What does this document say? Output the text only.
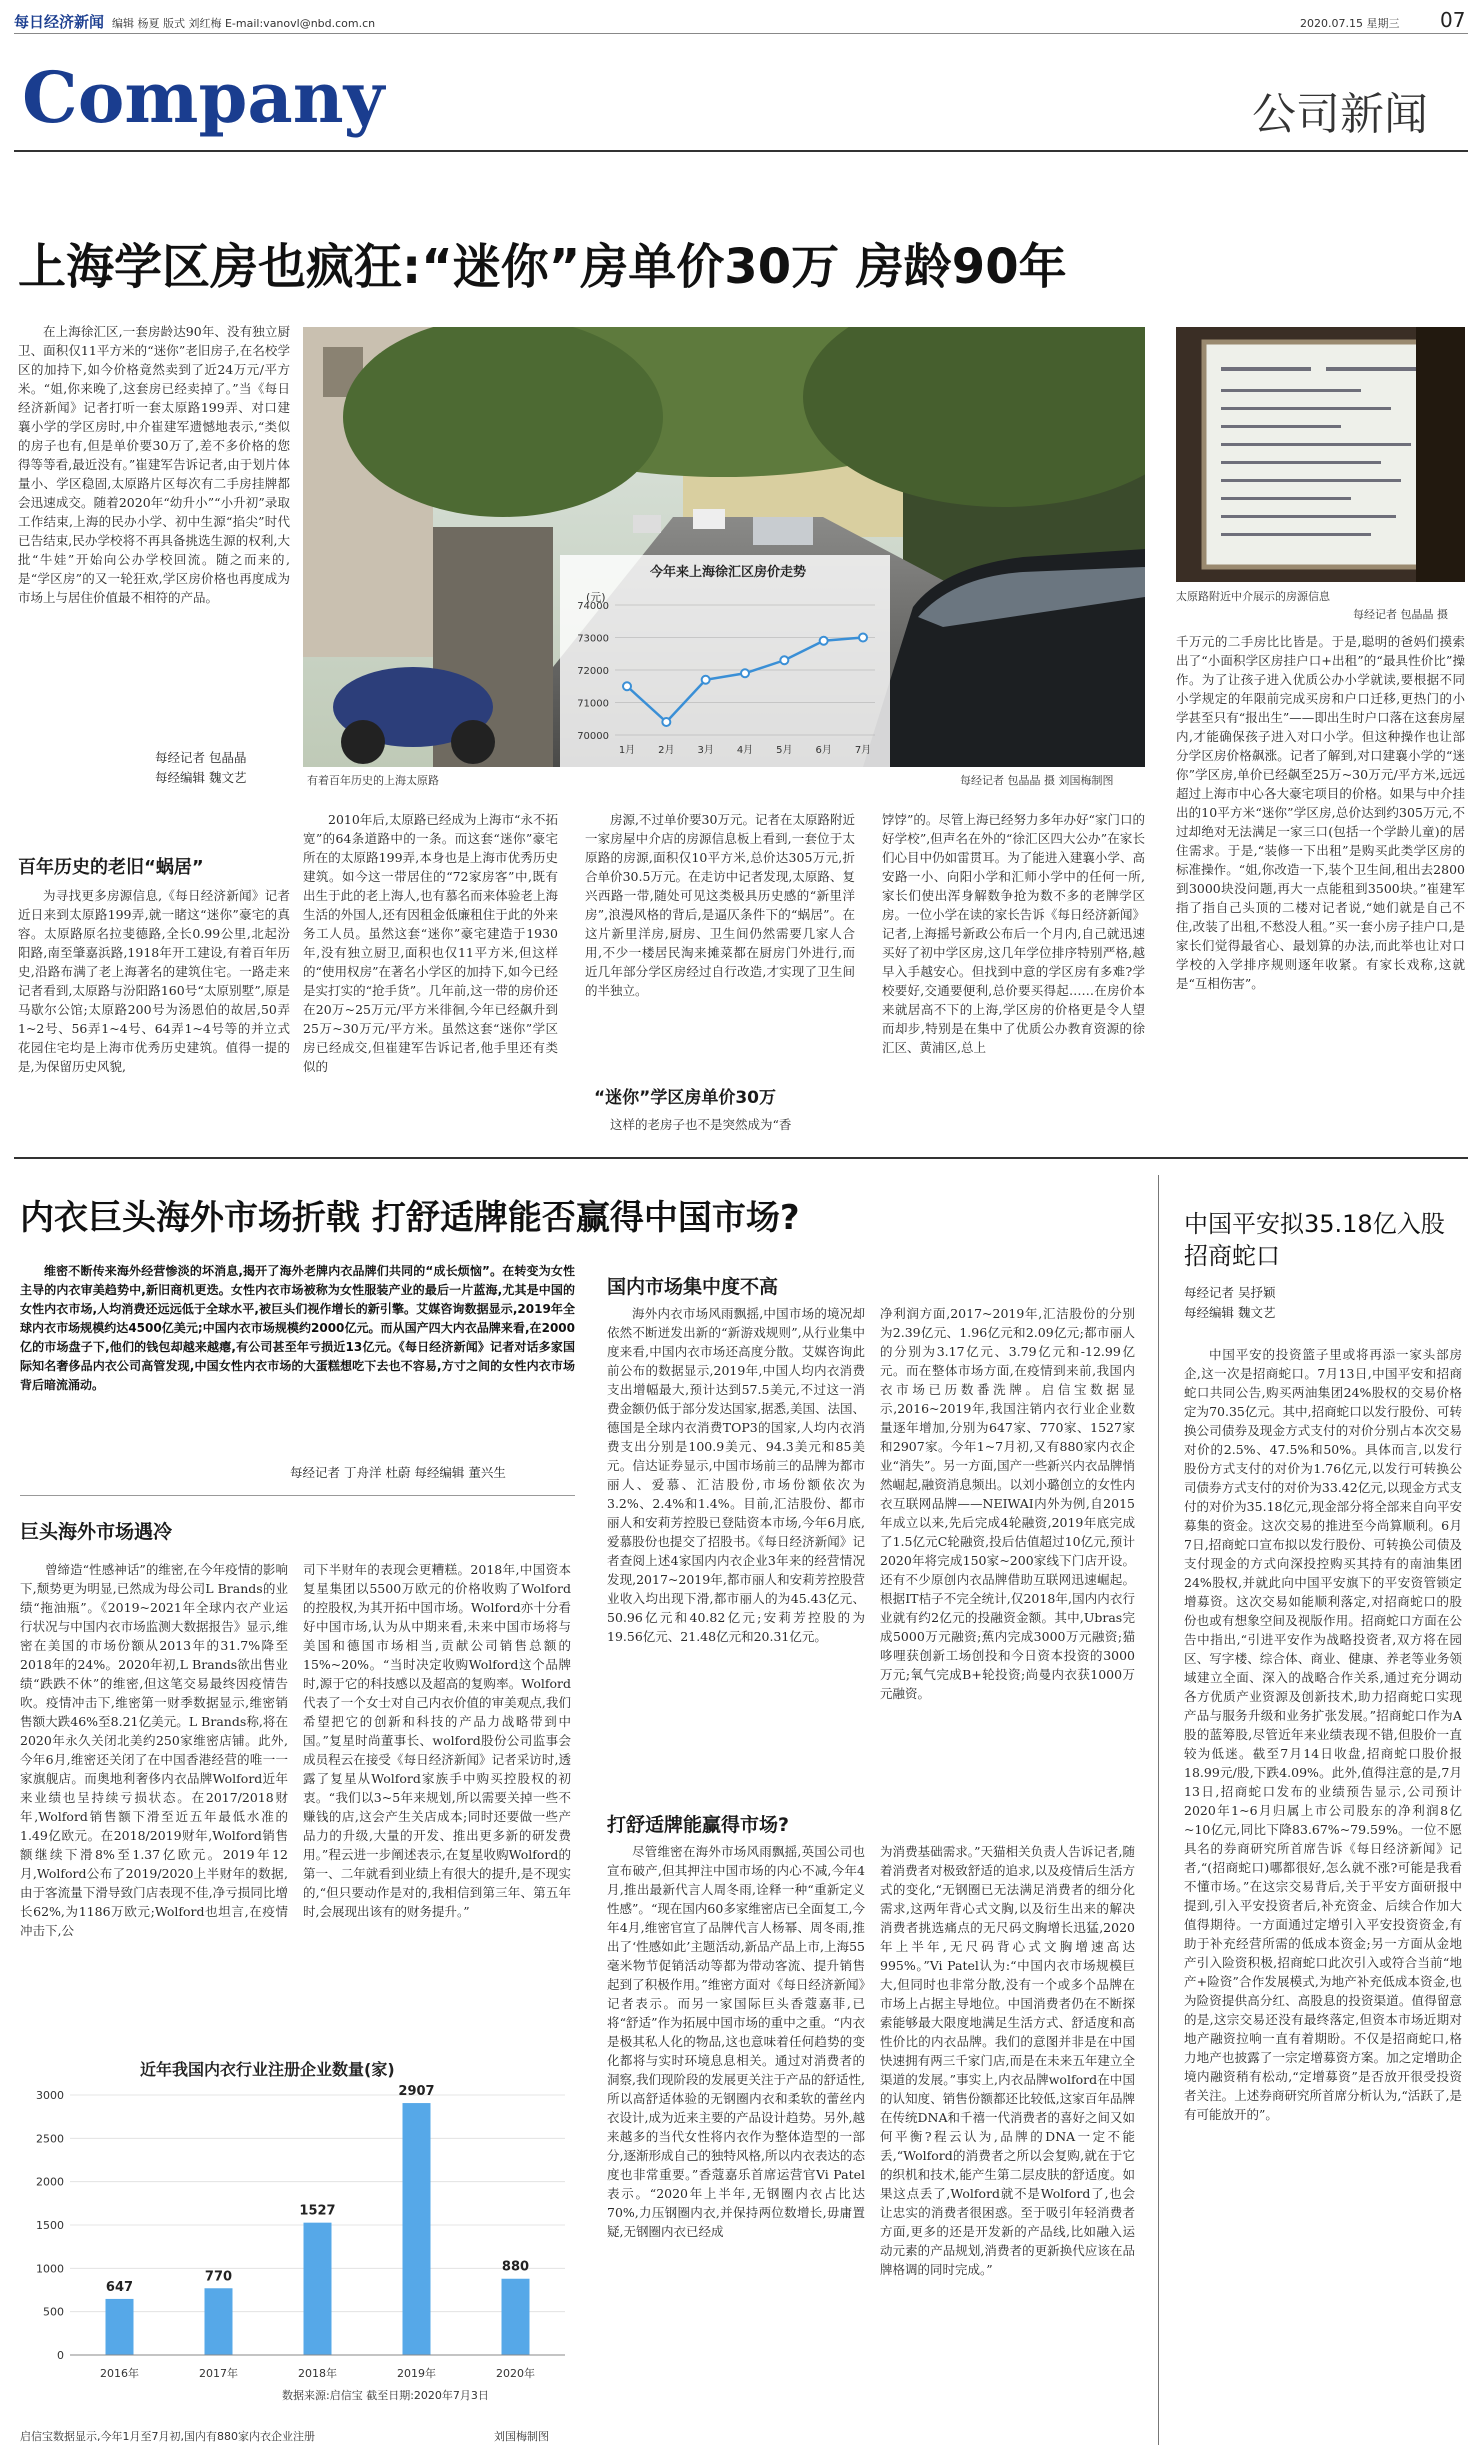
每日经济新闻 编辑 杨夏 版式 刘红梅 E-mail:vanovl@nbd.com.cn	2020.07.15 星期三 07
Company	公司新闻
上海学区房也疯狂:“迷你”房单价30万 房龄90年

在上海徐汇区,一套房龄达90年、没有独立厨卫、面积仅11平方米的“迷你”老旧房子,在名校学区的加持下,如今价格竟然卖到了近24万元/平方米。“姐,你来晚了,这套房已经卖掉了。”当《每日经济新闻》记者打听一套太原路199弄、对口建襄小学的学区房时,中介崔建军遗憾地表示,“类似的房子也有,但是单价要30万了,差不多价格的您得等等看,最近没有。”崔建军告诉记者,由于划片体量小、学区稳固,太原路片区每次有二手房挂牌都会迅速成交。随着2020年“幼升小”“小升初”录取工作结束,上海的民办小学、初中生源“掐尖”时代已告结束,民办学校将不再具备挑选生源的权利,大批“牛娃”开始向公办学校回流。随之而来的,是“学区房”的又一轮狂欢,学区房价格也再度成为市场上与居住价值最不相符的产品。

每经记者 包晶晶
每经编辑 魏文艺	有着百年历史的上海太原路	每经记者 包晶晶 摄 刘国梅制图
今年来上海徐汇区房价走势
(元)
74000
73000
72000
71000
70000
1月 2月 3月 4月 5月 6月 7月
太原路附近中介展示的房源信息
每经记者 包晶晶 摄
百年历史的老旧“蜗居”

为寻找更多房源信息,《每日经济新闻》记者近日来到太原路199弄,就一睹这“迷你”豪宅的真容。太原路原名拉斐德路,全长0.99公里,北起汾阳路,南至肇嘉浜路,1918年开工建设,有着百年历史,沿路布满了老上海著名的建筑住宅。一路走来记者看到,太原路与汾阳路160号“太原别墅”,原是马歇尔公馆;太原路200号为汤恩伯的故居,50弄1~2号、56弄1~4号、64弄1~4号等的并立式花园住宅均是上海市优秀历史建筑。值得一提的是,为保留历史风貌,

2010年后,太原路已经成为上海市“永不拓宽”的64条道路中的一条。而这套“迷你”豪宅所在的太原路199弄,本身也是上海市优秀历史建筑。如今这一带居住的“72家房客”中,既有出生于此的老上海人,也有慕名而来体验老上海生活的外国人,还有因租金低廉租住于此的外来务工人员。虽然这套“迷你”豪宅建造于1930年,没有独立厨卫,面积也仅11平方米,但这样的“使用权房”在著名小学区的加持下,如今已经是实打实的“抢手货”。几年前,这一带的房价还在20万~25万元/平方米徘徊,今年已经飙升到25万~30万元/平方米。虽然这套“迷你”学区房已经成交,但崔建军告诉记者,他手里还有类似的

房源,不过单价要30万元。记者在太原路附近一家房屋中介店的房源信息板上看到,一套位于太原路的房源,面积仅10平方米,总价达305万元,折合单价30.5万元。在走访中记者发现,太原路、复兴西路一带,随处可见这类极具历史感的“新里洋房”,浪漫风格的背后,是逼仄条件下的“蜗居”。在这片新里洋房,厨房、卫生间仍然需要几家人合用,不少一楼居民淘来摊菜都在厨房门外进行,而近几年部分学区房经过自行改造,才实现了卫生间的半独立。

“迷你”学区房单价30万

这样的老房子也不是突然成为“香

饽饽”的。尽管上海已经努力多年办好“家门口的好学校”,但声名在外的“徐汇区四大公办”在家长们心目中仍如雷贯耳。为了能进入建襄小学、高安路一小、向阳小学和汇师小学中的任何一所,家长们使出浑身解数争抢为数不多的老牌学区房。一位小学在读的家长告诉《每日经济新闻》记者,上海摇号新政公布后一个月内,自己就迅速买好了初中学区房,这几年学位排序特别严格,越早入手越安心。但找到中意的学区房有多难?学校要好,交通要便利,总价要买得起……在房价本来就居高不下的上海,学区房的价格更是令人望而却步,特别是在集中了优质公办教育资源的徐汇区、黄浦区,总上

千万元的二手房比比皆是。于是,聪明的爸妈们摸索出了“小面积学区房挂户口+出租”的“最具性价比”操作。为了让孩子进入优质公办小学就读,要根据不同小学规定的年限前完成买房和户口迁移,更热门的小学甚至只有“报出生”——即出生时户口落在这套房屋内,才能确保孩子进入对口小学。但这种操作也让部分学区房价格飙涨。记者了解到,对口建襄小学的“迷你”学区房,单价已经飙至25万~30万元/平方米,远远超过上海市中心各大豪宅项目的价格。如果与中介挂出的10平方米“迷你”学区房,总价达到约305万元,不过却绝对无法满足一家三口(包括一个学龄儿童)的居住需求。于是,“装修一下出租”是购买此类学区房的标准操作。“姐,你改造一下,装个卫生间,租出去2800到3000块没问题,再大一点能租到3500块。”崔建军指了指自己头顶的二楼对记者说,“她们就是自己不住,改装了出租,不愁没人租。”买一套小房子挂户口,是家长们觉得最省心、最划算的办法,而此举也让对口学校的入学排序规则逐年收紧。有家长戏称,这就是“互相伤害”。

内衣巨头海外市场折戟 打舒适牌能否赢得中国市场?

维密不断传来海外经营惨淡的坏消息,揭开了海外老牌内衣品牌们共同的“成长烦恼”。在转变为女性主导的内衣审美趋势中,新旧商机更迭。女性内衣市场被称为女性服装产业的最后一片蓝海,尤其是中国的女性内衣市场,人均消费还远远低于全球水平,被巨头们视作增长的新引擎。艾媒咨询数据显示,2019年全球内衣市场规模约达4500亿美元;中国内衣市场规模约2000亿元。而从国产四大内衣品牌来看,在2000亿的市场盘子下,他们的钱包却越来越瘪,有公司甚至年亏损近13亿元。《每日经济新闻》记者对话多家国际知名奢侈品内衣公司高管发现,中国女性内衣市场的大蛋糕想吃下去也不容易,方寸之间的女性内衣市场背后暗流涌动。

每经记者 丁舟洋 杜蔚 每经编辑 董兴生
巨头海外市场遇冷

曾缔造“性感神话”的维密,在今年疫情的影响下,颓势更为明显,已然成为母公司L Brands的业绩“拖油瓶”。《2019~2021年全球内衣产业运行状况与中国内衣市场监测大数据报告》显示,维密在美国的市场份额从2013年的31.7%降至2018年的24%。2020年初,L Brands欲出售业绩“跌跌不休”的维密,但这笔交易最终因疫情告吹。疫情冲击下,维密第一财季数据显示,维密销售额大跌46%至8.21亿美元。L Brands称,将在2020年永久关闭北美约250家维密店铺。此外,今年6月,维密还关闭了在中国香港经营的唯一一家旗舰店。而奥地利奢侈内衣品牌Wolford近年来业绩也呈持续亏损状态。在2017/2018财年,Wolford销售额下滑至近五年最低水准的1.49亿欧元。在2018/2019财年,Wolford销售额继续下滑8%至1.37亿欧元。2019年12月,Wolford公布了2019/2020上半财年的数据,由于客流量下滑导致门店表现不佳,净亏损同比增长62%,为1186万欧元;Wolford也坦言,在疫情冲击下,公

司下半财年的表现会更糟糕。2018年,中国资本复星集团以5500万欧元的价格收购了Wolford的控股权,为其开拓中国市场。Wolford亦十分看好中国市场,认为从中期来看,未来中国市场将与美国和德国市场相当,贡献公司销售总额的15%~20%。“当时决定收购Wolford这个品牌时,源于它的科技感以及超高的复购率。Wolford代表了一个女士对自己内衣价值的审美观点,我们希望把它的创新和科技的产品力战略带到中国。”复星时尚董事长、wolford股份公司监事会成员程云在接受《每日经济新闻》记者采访时,透露了复星从Wolford家族手中购买控股权的初衷。“我们以3~5年来规划,所以需要关掉一些不赚钱的店,这会产生关店成本;同时还要做一些产品力的升级,大量的开发、推出更多新的研发费用。”程云进一步阐述表示,在复星收购Wolford的第一、二年就看到业绩上有很大的提升,是不现实的,“但只要动作是对的,我相信到第三年、第五年时,会展现出该有的财务提升。”

近年我国内衣行业注册企业数量(家)
3000
2500
2000
1500
1000
500
0
647
2016年
770
2017年
1527
2018年
2907
2019年
880
2020年
数据来源:启信宝 截至日期:2020年7月3日
启信宝数据显示,今年1月至7月初,国内有880家内衣企业注册	刘国梅制图
国内市场集中度不高

海外内衣市场风雨飘摇,中国市场的境况却依然不断迸发出新的“新游戏规则”,从行业集中度来看,中国内衣市场还高度分散。艾媒咨询此前公布的数据显示,2019年,中国人均内衣消费支出增幅最大,预计达到57.5美元,不过这一消费金额仍低于部分发达国家,据悉,美国、法国、德国是全球内衣消费TOP3的国家,人均内衣消费支出分别是100.9美元、94.3美元和85美元。信达证券显示,中国市场前三的品牌为都市丽人、爱慕、汇洁股份,市场份额依次为3.2%、2.4%和1.4%。目前,汇洁股份、都市丽人和安莉芳控股已登陆资本市场,今年6月底,爱慕股份也提交了招股书。《每日经济新闻》记者查阅上述4家国内内衣企业3年来的经营情况发现,2017~2019年,都市丽人和安莉芳控股营业收入均出现下滑,都市丽人的为45.43亿元、50.96亿元和40.82亿元;安莉芳控股的为19.56亿元、21.48亿元和20.31亿元。

净利润方面,2017~2019年,汇洁股份的分别为2.39亿元、1.96亿元和2.09亿元;都市丽人的分别为3.17亿元、3.79亿元和-12.99亿元。而在整体市场方面,在疫情到来前,我国内衣市场已历数番洗牌。启信宝数据显示,2016~2019年,我国注销内衣行业企业数量逐年增加,分别为647家、770家、1527家和2907家。今年1~7月初,又有880家内衣企业“消失”。另一方面,国产一些新兴内衣品牌悄然崛起,融资消息频出。以刘小璐创立的女性内衣互联网品牌——NEIWAI内外为例,自2015年成立以来,先后完成4轮融资,2019年底完成了1.5亿元C轮融资,投后估值超过10亿元,预计2020年将完成150家~200家线下门店开设。还有不少原创内衣品牌借助互联网迅速崛起。根据IT桔子不完全统计,仅2018年,国内内衣行业就有约2亿元的投融资金额。其中,Ubras完成5000万元融资;蕉内完成3000万元融资;猫哆哩获创新工场创投和今日资本投资的3000万元;氧气完成B+轮投资;尚曼内衣获1000万元融资。

打舒适牌能赢得市场?

尽管维密在海外市场风雨飘摇,英国公司也宣布破产,但其押注中国市场的内心不减,今年4月,推出最新代言人周冬雨,诠释一种“重新定义性感”。“现在国内60多家维密店已全面复工,今年4月,维密官宣了品牌代言人杨幂、周冬雨,推出了‘性感如此’主题活动,新品产品上市,上海55毫米物节促销活动等都为带动客流、提升销售起到了积极作用。”维密方面对《每日经济新闻》记者表示。而另一家国际巨头香蔻嘉菲,已将“舒适”作为拓展中国市场的重中之重。“内衣是极其私人化的物品,这也意味着任何趋势的变化都将与实时环境息息相关。通过对消费者的洞察,我们现阶段的发展更关注于产品的舒适性,所以高舒适体验的无钢圈内衣和柔软的蕾丝内衣设计,成为近来主要的产品设计趋势。另外,越来越多的当代女性将内衣作为整体造型的一部分,逐渐形成自己的独特风格,所以内衣表达的态度也非常重要。”香蔻嘉乐首席运营官Vi Patel表示。“2020年上半年,无钢圈内衣占比达70%,力压钢圈内衣,并保持两位数增长,毋庸置疑,无钢圈内衣已经成

为消费基础需求。”天猫相关负责人告诉记者,随着消费者对极致舒适的追求,以及疫情后生活方式的变化,“无钢圈已无法满足消费者的细分化需求,这两年背心式文胸,以及衍生出来的解决消费者挑选痛点的无尺码文胸增长迅猛,2020年上半年,无尺码背心式文胸增速高达995%。”Vi Patel认为:“中国内衣市场规模巨大,但同时也非常分散,没有一个或多个品牌在市场上占据主导地位。中国消费者仍在不断探索能够最大限度地满足生活方式、舒适度和高性价比的内衣品牌。我们的意图并非是在中国快速拥有两三千家门店,而是在未来五年建立全渠道的发展。”事实上,内衣品牌wolford在中国的认知度、销售份额都还比较低,这家百年品牌在传统DNA和千禧一代消费者的喜好之间又如何平衡?程云认为,品牌的DNA一定不能丢,“Wolford的消费者之所以会复购,就在于它的织机和技术,能产生第二层皮肤的舒适度。如果这点丢了,Wolford就不是Wolford了,也会让忠实的消费者很困惑。至于吸引年轻消费者方面,更多的还是开发新的产品线,比如融入运动元素的产品规划,消费者的更新换代应该在品牌格调的同时完成。”

中国平安拟35.18亿入股招商蛇口
每经记者 吴抒颖
每经编辑 魏文艺

中国平安的投资篮子里或将再添一家头部房企,这一次是招商蛇口。7月13日,中国平安和招商蛇口共同公告,购买两油集团24%股权的交易价格定为70.35亿元。其中,招商蛇口以发行股份、可转换公司债券及现金方式支付的对价分别占本次交易对价的2.5%、47.5%和50%。具体而言,以发行股份方式支付的对价为1.76亿元,以发行可转换公司债券方式支付的对价为33.42亿元,以现金方式支付的对价为35.18亿元,现金部分将全部来自向平安募集的资金。这次交易的推进至今尚算顺利。6月7日,招商蛇口宣布拟以发行股份、可转换公司债及支付现金的方式向深投控购买其持有的南油集团24%股权,并就此向中国平安旗下的平安资管锁定增募资。这次交易如能顺利落定,对招商蛇口的股份也或有想象空间及视版作用。招商蛇口方面在公告中指出,“引进平安作为战略投资者,双方将在园区、写字楼、综合体、商业、健康、养老等业务领域建立全面、深入的战略合作关系,通过充分调动各方优质产业资源及创新技术,助力招商蛇口实现产品与服务升级和业务扩张发展。”招商蛇口作为A股的蓝筹股,尽管近年来业绩表现不错,但股价一直较为低迷。截至7月14日收盘,招商蛇口股价报18.99元/股,下跌4.09%。此外,值得注意的是,7月13日,招商蛇口发布的业绩预告显示,公司预计2020年1~6月归属上市公司股东的净利润8亿~10亿元,同比下降83.67%~79.59%。一位不愿具名的券商研究所首席告诉《每日经济新闻》记者,“(招商蛇口)哪都很好,怎么就不涨?可能是我看不懂市场。”在这宗交易背后,关于平安方面研报中提到,引入平安投资者后,补充资金、后续合作加大值得期待。一方面通过定增引入平安投资资金,有助于补充经营所需的低成本资金;另一方面从金地产引入险资积极,招商蛇口此次引入或符合当前“地产+险资”合作发展模式,为地产补充低成本资金,也为险资提供高分红、高股息的投资渠道。值得留意的是,这宗交易还没有最终落定,但资本市场近期对地产融资拉响一直有着期盼。不仅是招商蛇口,格力地产也披露了一宗定增募资方案。加之定增助企境内融资稍有松动,“定增募资”是否放开很受投资者关注。上述券商研究所首席分析认为,“活跃了,是有可能放开的”。
